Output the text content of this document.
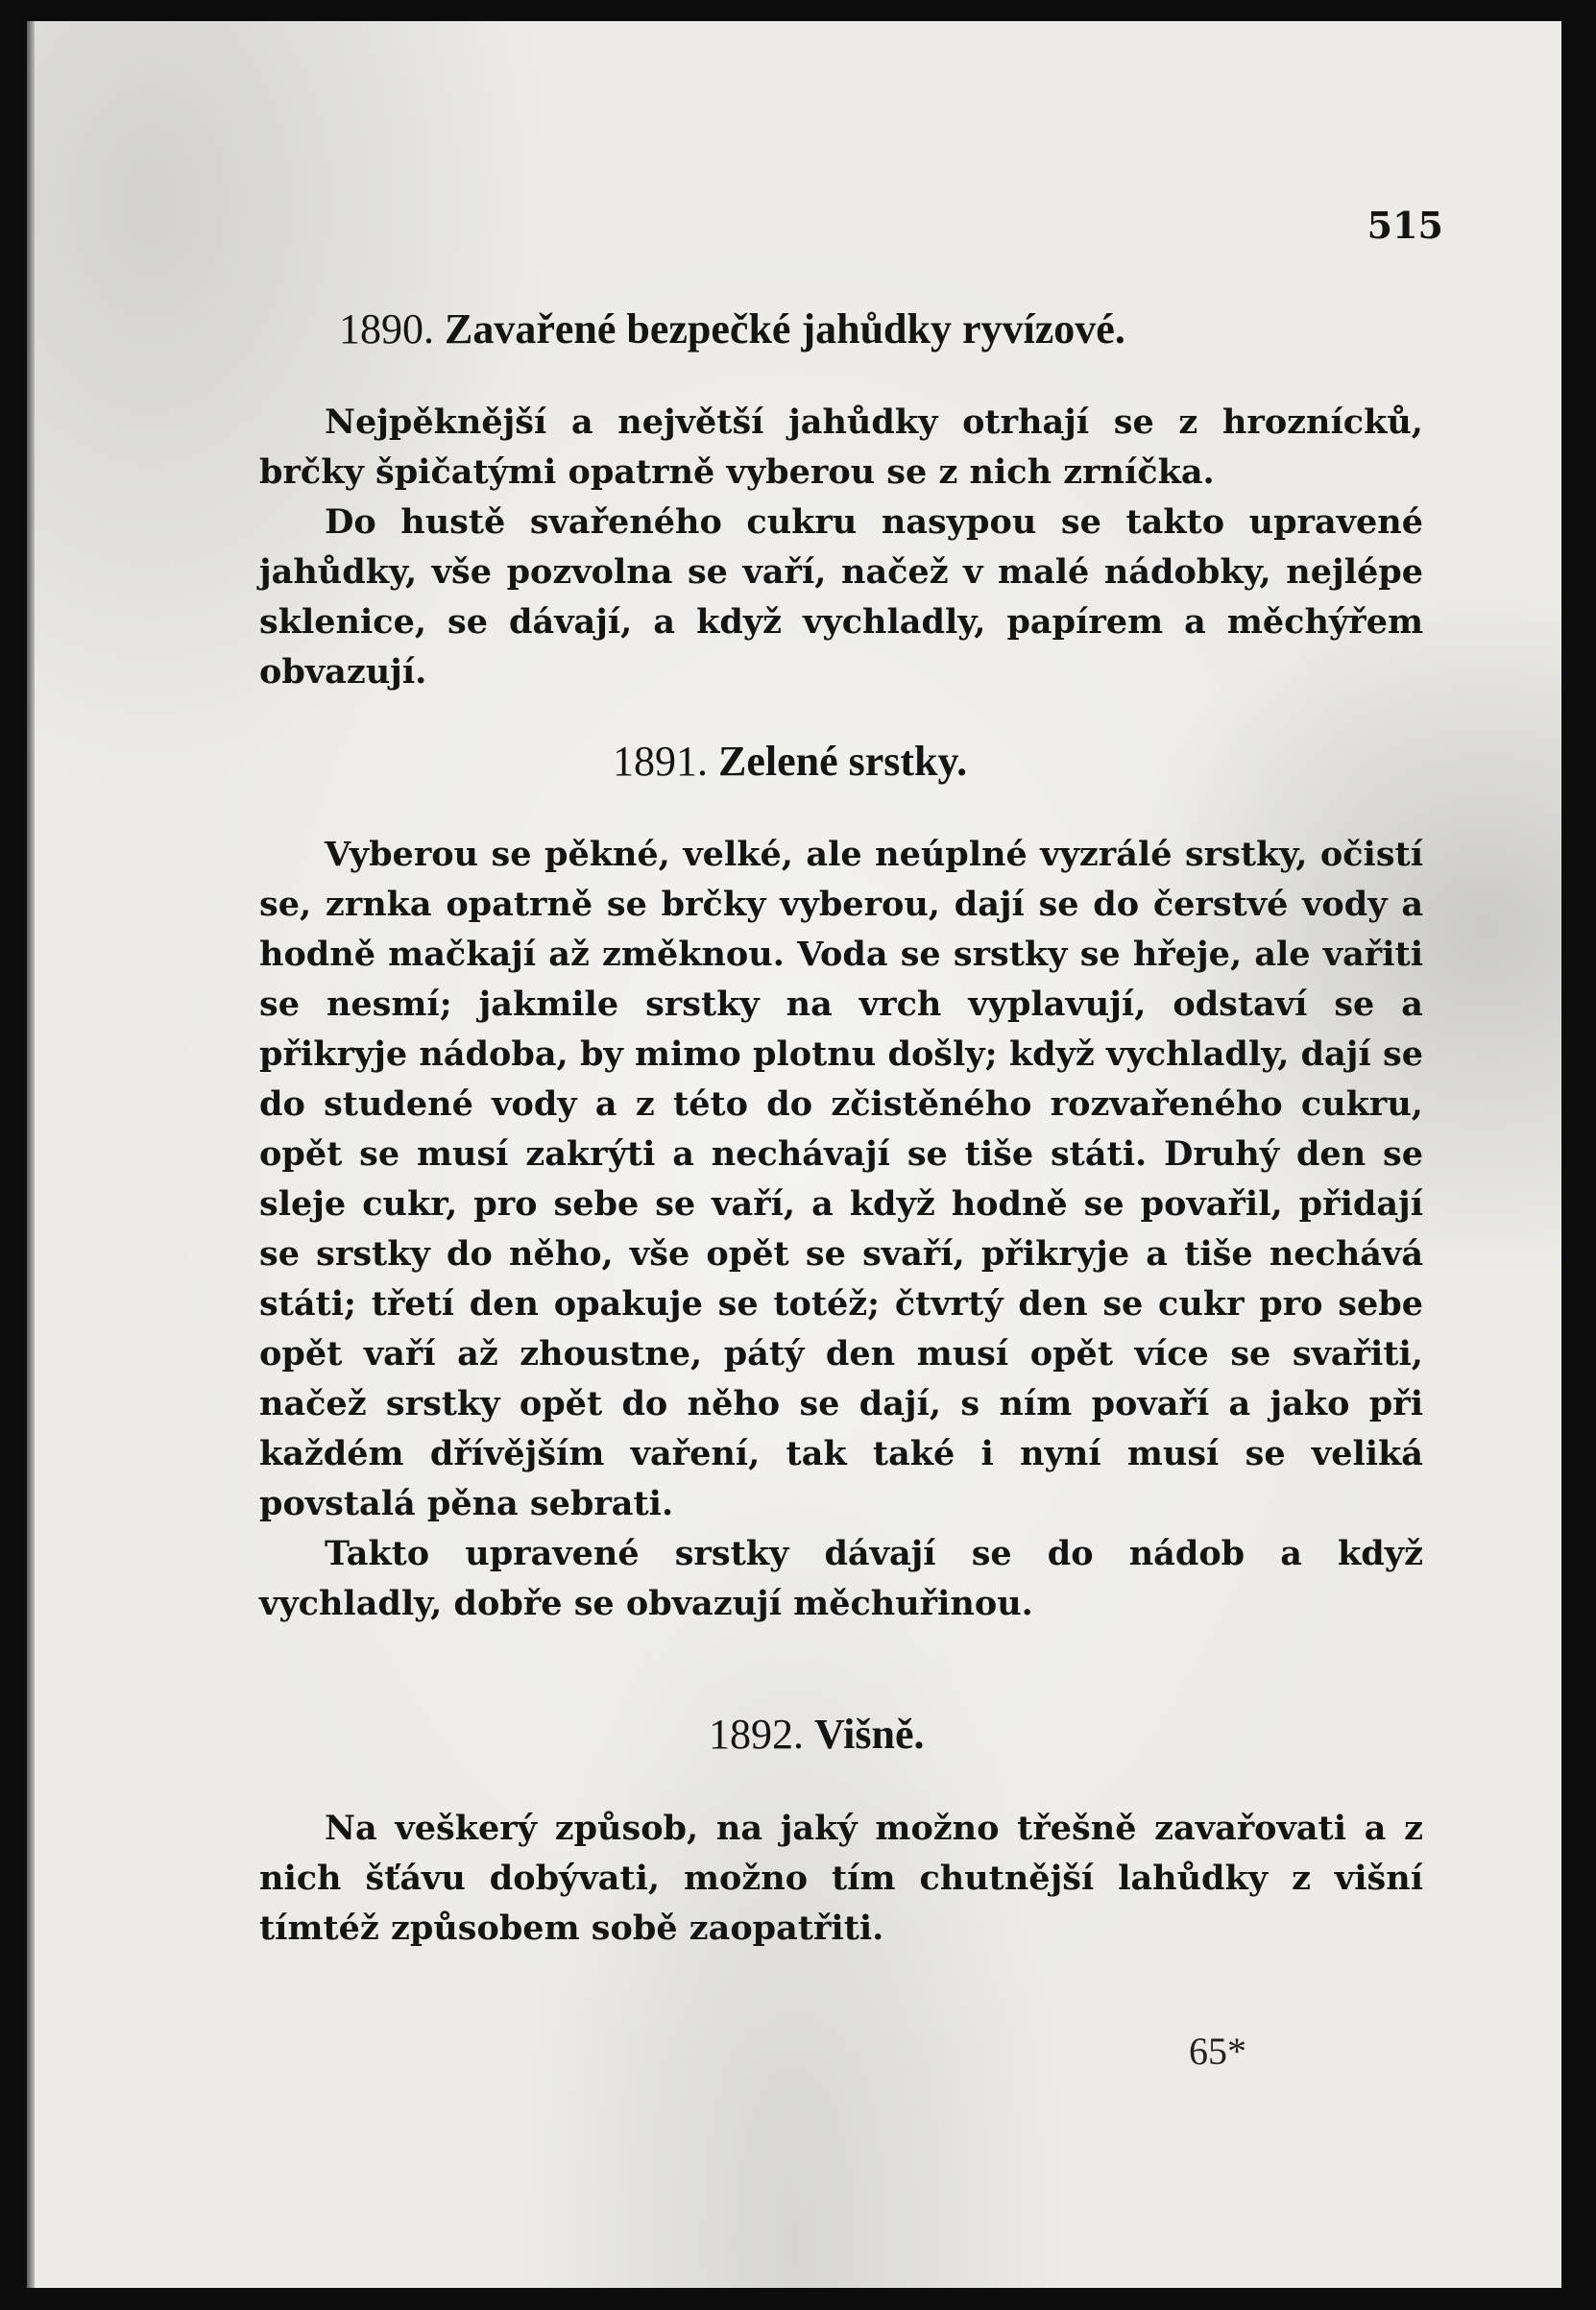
515
1890. Zavařené bezpečké jahůdky ryvízové.

Nejpěknější a největší jahůdky otrhají se z hroznícků, brčky špičatými opatrně vyberou se z nich zrníčka.

Do hustě svařeného cukru nasypou se takto upravené jahůdky, vše pozvolna se vaří, načež v malé nádobky, nejlépe sklenice, se dávají, a když vychladly, papírem a měchýřem obvazují.

1891. Zelené srstky.

Vyberou se pěkné, velké, ale neúplné vyzrálé srstky, očistí se, zrnka opatrně se brčky vyberou, dají se do čerstvé vody a hodně mačkají až změknou. Voda se srstky se hřeje, ale vařiti se nesmí; jakmile srstky na vrch vyplavují, odstaví se a přikryje nádoba, by mimo plotnu došly; když vychladly, dají se do studené vody a z této do zčistěného rozvařeného cukru, opět se musí zakrýti a nechávají se tiše státi. Druhý den se sleje cukr, pro sebe se vaří, a když hodně se povařil, přidají se srstky do něho, vše opět se svaří, přikryje a tiše nechává státi; třetí den opakuje se totéž; čtvrtý den se cukr pro sebe opět vaří až zhoustne, pátý den musí opět více se svařiti, načež srstky opět do něho se dají, s ním povaří a jako při každém dřívějším vaření, tak také i nyní musí se veliká povstalá pěna sebrati.

Takto upravené srstky dávají se do nádob a když vychladly, dobře se obvazují měchuřinou.

1892. Višně.

Na veškerý způsob, na jaký možno třešně zavařovati a z nich šťávu dobývati, možno tím chutnější lahůdky z višní tímtéž způsobem sobě zaopatřiti.

65*
